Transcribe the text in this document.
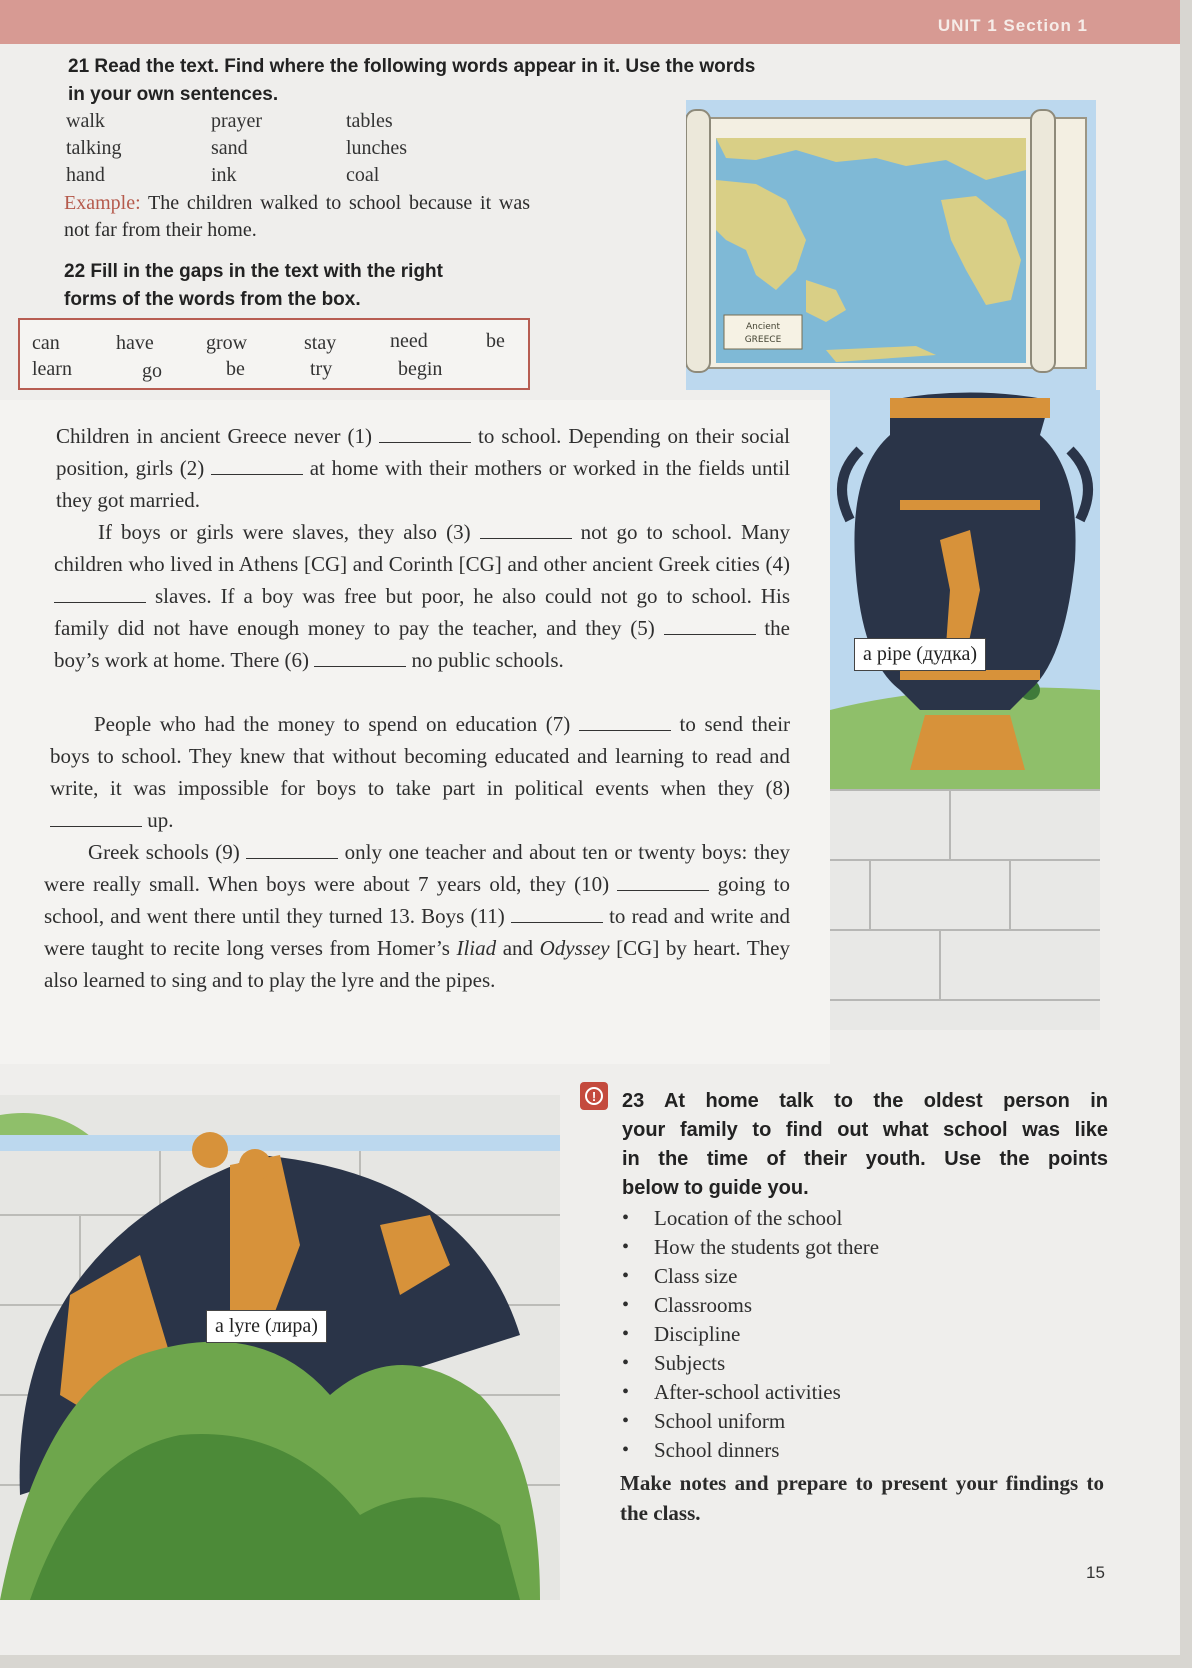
UNIT 1 Section 1
Ancient
GREECE
a pipe (дудка)
a lyre (лира)
21 Read the text. Find where the following words appear in it. Use the words
in your own sentences.
walk	prayer	tables
talking	sand	lunches
hand	ink	coal
Example: The children walked to school because it was not far from their home.
22 Fill in the gaps in the text with the right
forms of the words from the box.
can	have	grow	stay	need	be
learn	go	be	try	begin

Children in ancient Greece never (1)	to school. Depending on their social position, girls (2)	at home with their mothers or worked in the fields until they got married.

If boys or girls were slaves, they also (3)	not go to school. Many children who lived in Athens [CG] and Corinth [CG] and other ancient Greek cities (4)  slaves. If a boy was free but poor, he also could not go to school. His family did not have enough money to pay the teacher, and they (5)	the boy’s work at home. There (6)	no public schools.

People who had the money to spend on education (7)	to send their boys to school. They knew that without becoming educated and learning to read and write, it was impossible for boys to take part in political events when they (8)  up.

Greek schools (9)	only one teacher and about ten or twenty boys: they were really small. When boys were about 7 years old, they (10)	going to school, and went there until they turned 13. Boys (11)	to read and write and were taught to recite long verses from Homer’s Iliad and Odyssey [CG] by heart. They also learned to sing and to play the lyre and the pipes.

!	23 At home talk to the oldest person in
your family to find out what school was like
in the time of their youth. Use the points
below to guide you.
• Location of the school
• How the students got there
• Class size
• Classrooms
• Discipline
• Subjects
• After-school activities
• School uniform
• School dinners
Make notes and prepare to present your findings to the class.
15
